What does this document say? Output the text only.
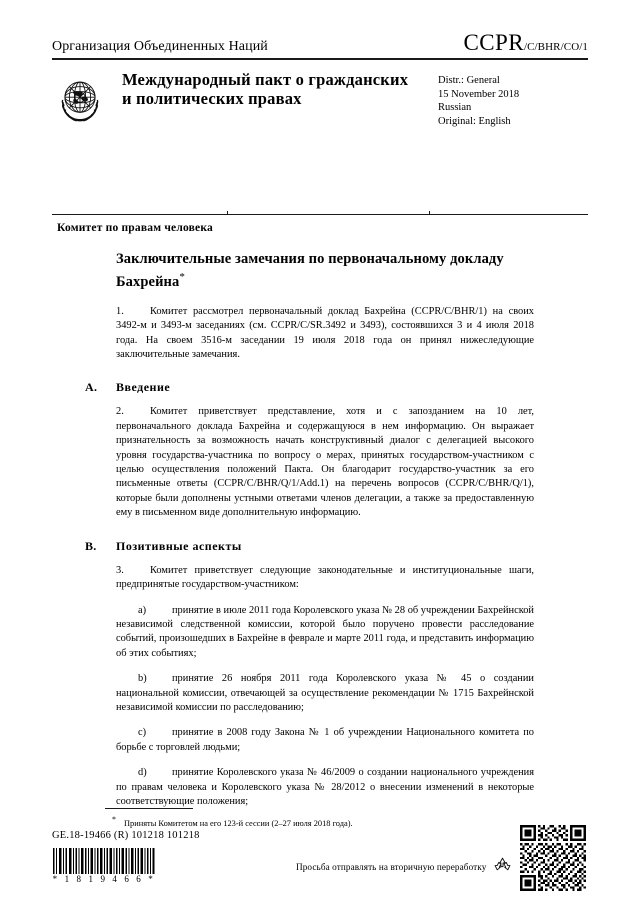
Организация Объединенных Наций	CCPR/C/BHR/CO/1
Международный пакт о гражданских и политических правах
Distr.: General
15 November 2018
Russian
Original: English
Комитет по правам человека
Заключительные замечания по первоначальному докладу Бахрейна*

1.	Комитет рассмотрел первоначальный доклад Бахрейна (CCPR/C/BHR/1) на своих 3492-м и 3493-м заседаниях (см. CCPR/C/SR.3492 и 3493), состоявшихся 3 и 4 июля 2018 года. На своем 3516-м заседании 19 июля 2018 года он принял нижеследующие заключительные замечания.

A.	Введение

2.	Комитет приветствует представление, хотя и с запозданием на 10 лет, первоначального доклада Бахрейна и содержащуюся в нем информацию. Он выражает признательность за возможность начать конструктивный диалог с делегацией высокого уровня государства-участника по вопросу о мерах, принятых государством-участником с целью осуществления положений Пакта. Он благодарит государство-участник за его письменные ответы (CCPR/C/BHR/Q/1/Add.1) на перечень вопросов (CCPR/C/BHR/Q/1), которые были дополнены устными ответами членов делегации, а также за предоставленную ему в письменном виде дополнительную информацию.

B.	Позитивные аспекты

3.	Комитет приветствует следующие законодательные и институциональные шаги, предпринятые государством-участником:

a) принятие в июле 2011 года Королевского указа № 28 об учреждении Бахрейнской независимой следственной комиссии, которой было поручено провести расследование событий, произошедших в Бахрейне в феврале и марте 2011 года, и представить информацию об этих событиях;

b) принятие 26 ноября 2011 года Королевского указа № 45 о создании национальной комиссии, отвечающей за осуществление рекомендации № 1715 Бахрейнской независимой комиссии по расследованию;

c) принятие в 2008 году Закона № 1 об учреждении Национального комитета по борьбе с торговлей людьми;

d) принятие Королевского указа № 46/2009 о создании национального учреждения по правам человека и Королевского указа № 28/2012 о внесении изменений в некоторые соответствующие положения;

* Приняты Комитетом на его 123-й сессии (2–27 июля 2018 года).
GE.18-19466 (R) 101218 101218
* 1 8 1 9 4 6 6 *
Просьба отправлять на вторичную переработку
